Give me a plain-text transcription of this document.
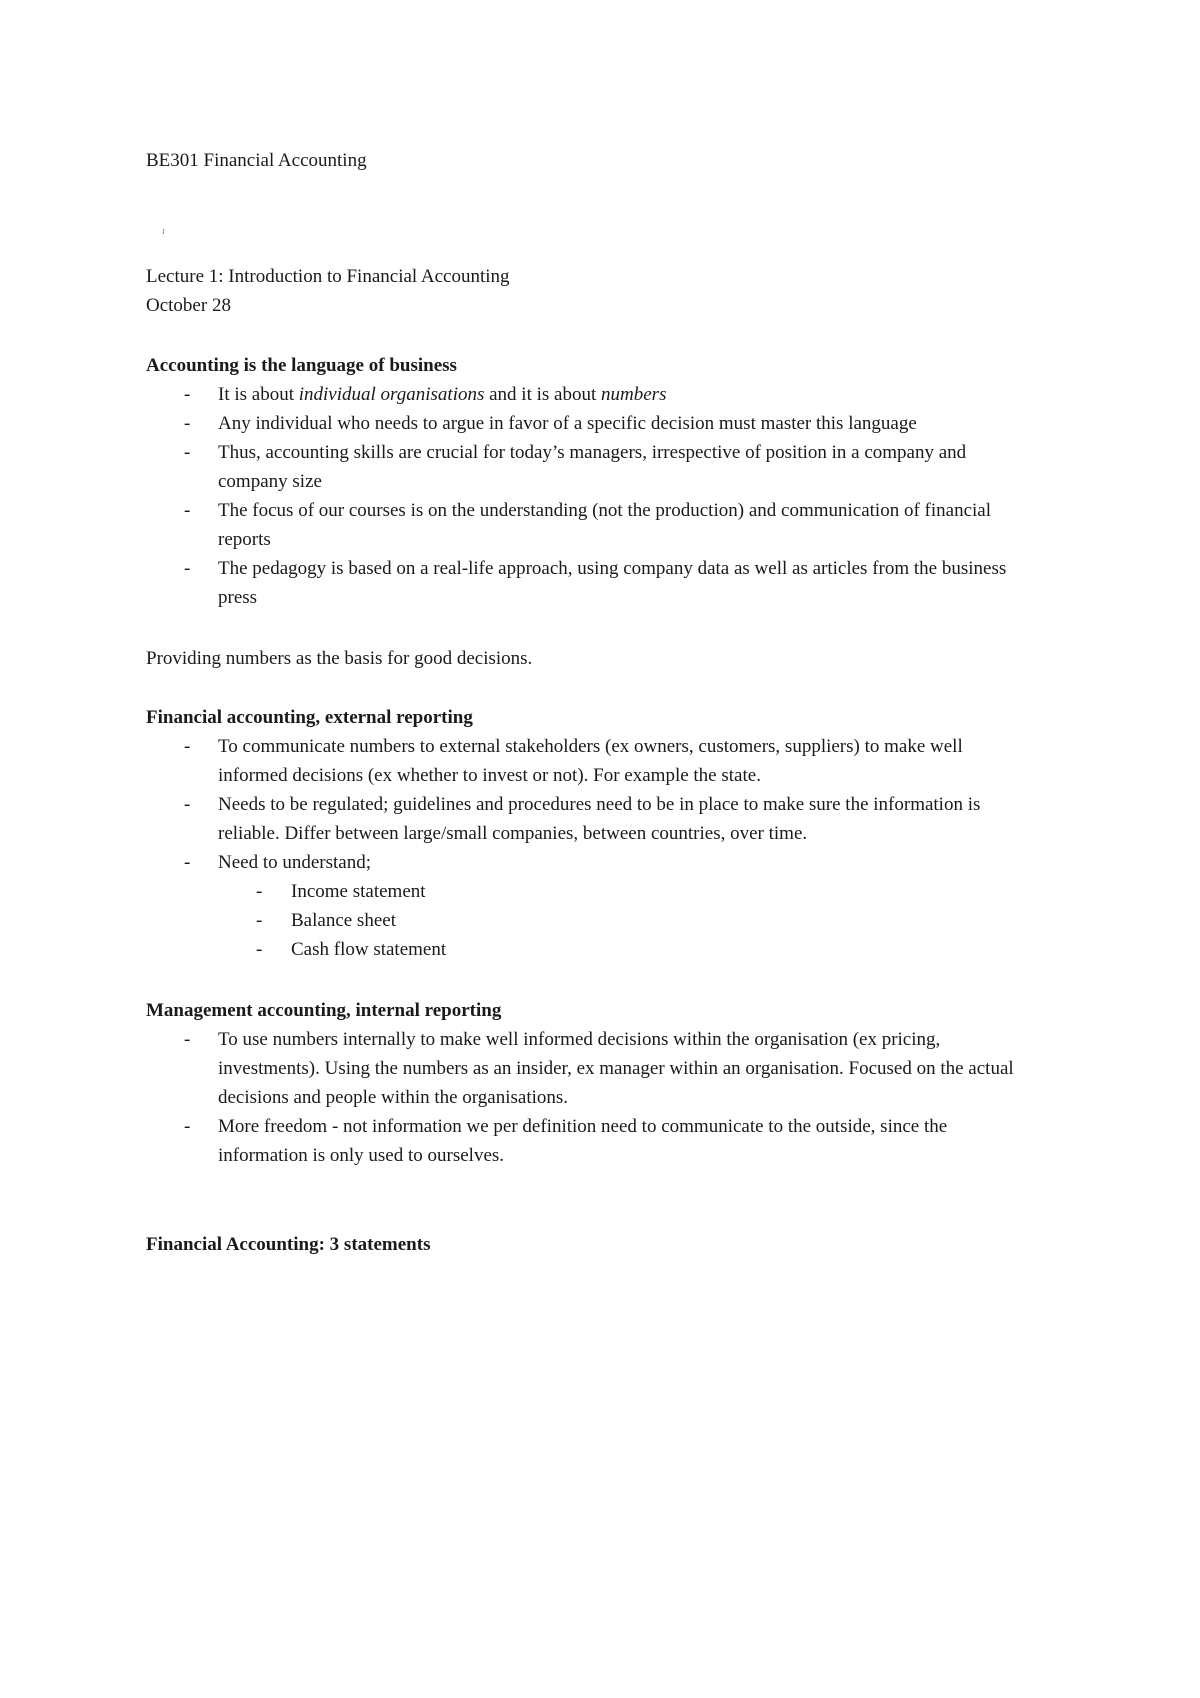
BE301 Financial Accounting
ı
Lecture 1: Introduction to Financial Accounting
October 28
Accounting is the language of business
- It is about individual organisations and it is about numbers
- Any individual who needs to argue in favor of a specific decision must master this language
- Thus, accounting skills are crucial for today’s managers, irrespective of position in a company and company size
- The focus of our courses is on the understanding (not the production) and communication of financial reports
- The pedagogy is based on a real-life approach, using company data as well as articles from the business press
Providing numbers as the basis for good decisions.
Financial accounting, external reporting
- To communicate numbers to external stakeholders (ex owners, customers, suppliers) to make well informed decisions (ex whether to invest or not). For example the state.
- Needs to be regulated; guidelines and procedures need to be in place to make sure the information is reliable. Differ between large/small companies, between countries, over time.
- Need to understand;
- Income statement
- Balance sheet
- Cash flow statement
Management accounting, internal reporting
- To use numbers internally to make well informed decisions within the organisation (ex pricing, investments). Using the numbers as an insider, ex manager within an organisation. Focused on the actual decisions and people within the organisations.
- More freedom - not information we per definition need to communicate to the outside, since the information is only used to ourselves.
Financial Accounting: 3 statements
